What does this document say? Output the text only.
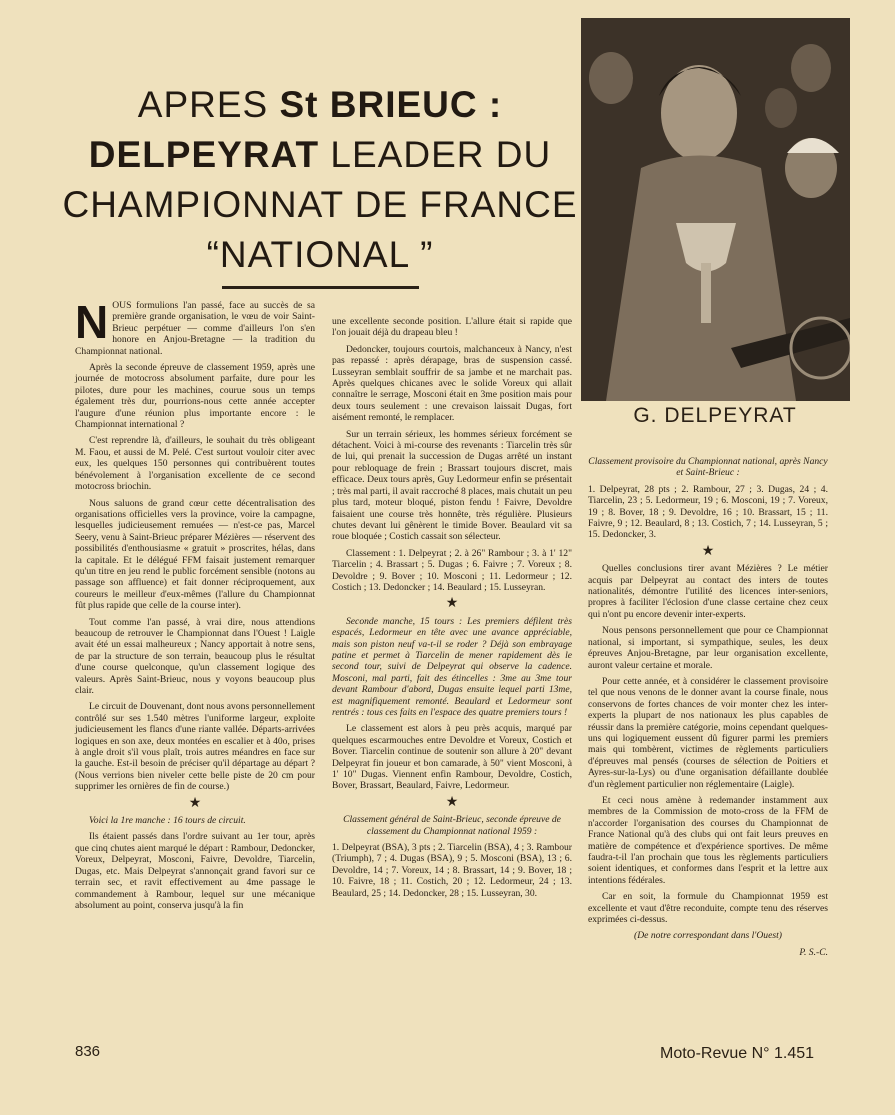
APRES St BRIEUC :
DELPEYRAT LEADER DU
CHAMPIONNAT DE FRANCE
“NATIONAL ”
G. DELPEYRAT

NOUS formulions l'an passé, face au succès de sa première grande organisation, le vœu de voir Saint-Brieuc perpétuer — comme d'ailleurs l'on s'en honore en Anjou-Bretagne — la tradition du Championnat national.

Après la seconde épreuve de classement 1959, après une journée de motocross absolument parfaite, dure pour les pilotes, dure pour les machines, courue sous un temps également très dur, pourrions-nous cette année accepter l'augure d'une réunion plus importante encore : le Championnat international ?

C'est reprendre là, d'ailleurs, le souhait du très obligeant M. Faou, et aussi de M. Pelé. C'est surtout vouloir citer avec eux, les quelques 150 personnes qui contribuèrent toutes bénévolement à l'organisation excellente de ce second motocross briochin.

Nous saluons de grand cœur cette décentralisation des organisations officielles vers la province, voire la campagne, lesquelles judicieusement remuées — n'est-ce pas, Marcel Seery, venu à Saint-Brieuc préparer Mézières — réservent des possibilités d'enthousiasme « gratuit » proscrites, hélas, dans la capitale. Et le délégué FFM faisait justement remarquer qu'un titre en jeu rend le public forcément sensible (notons au passage son affluence) et fait donner réciproquement, aux coureurs le meilleur d'eux-mêmes (l'allure du Championnat fût plus rapide que celle de la course inter).

Tout comme l'an passé, à vrai dire, nous attendions beaucoup de retrouver le Championnat dans l'Ouest ! Laigle avait été un essai malheureux ; Nancy apportait à notre sens, de par la structure de son terrain, beaucoup plus le résultat d'une course quelconque, qu'un classement logique des valeurs. Après Saint-Brieuc, nous y voyons beaucoup plus clair.

Le circuit de Douvenant, dont nous avons personnellement contrôlé sur ses 1.540 mètres l'uniforme largeur, exploite judicieusement les flancs d'une riante vallée. Départs-arrivées logiques en son axe, deux montées en escalier et à 40o, prises à angle droit s'il vous plaît, trois autres méandres en face sur la gauche. Est-il besoin de préciser qu'il départage au départ ? (Nous verrions bien niveler cette belle piste de 20 cm pour supprimer les ornières de fin de course.)

★

Voici la 1re manche : 16 tours de circuit.

Ils étaient passés dans l'ordre suivant au 1er tour, après que cinq chutes aient marqué le départ : Rambour, Dedoncker, Voreux, Delpeyrat, Mosconi, Faivre, Devoldre, Tiarcelin, Dugas, etc. Mais Delpeyrat s'annonçait grand favori sur ce terrain sec, et ravit effectivement au 4me passage le commandement à Rambour, lequel sur une mécanique absolument au point, conserva jusqu'à la fin

une excellente seconde position. L'allure était si rapide que l'on jouait déjà du drapeau bleu !

Dedoncker, toujours courtois, malchanceux à Nancy, n'est pas repassé : après dérapage, bras de suspension cassé. Lusseyran semblait souffrir de sa jambe et ne marchait pas. Après quelques chicanes avec le solide Voreux qui allait connaître le serrage, Mosconi était en 3me position mais pour deux tours seulement : une crevaison laissait Dugas, fort aisément remonté, le remplacer.

Sur un terrain sérieux, les hommes sérieux forcément se détachent. Voici à mi-course des revenants : Tiarcelin très sûr de lui, qui prenait la succession de Dugas arrêté un instant pour rebloquage de frein ; Brassart toujours discret, mais efficace. Deux tours après, Guy Ledormeur enfin se présentait ; très mal parti, il avait raccroché 8 places, mais chutait un peu plus tard, moteur bloqué, piston fendu ! Faivre, Devoldre faisaient une course très honnête, très régulière. Plusieurs chutes devant lui gênèrent le timide Bover. Beaulard vit sa roue bloquée ; Costich cassait son sélecteur.

Classement : 1. Delpeyrat ; 2. à 26" Rambour ; 3. à 1' 12" Tiarcelin ; 4. Brassart ; 5. Dugas ; 6. Faivre ; 7. Voreux ; 8. Devoldre ; 9. Bover ; 10. Mosconi ; 11. Ledormeur ; 12. Costich ; 13. Dedoncker ; 14. Beaulard ; 15. Lusseyran.

★

Seconde manche, 15 tours : Les premiers défilent très espacés, Ledormeur en tête avec une avance appréciable, mais son piston neuf va-t-il se roder ? Déjà son embrayage patine et permet à Tiarcelin de mener rapidement dès le second tour, suivi de Delpeyrat qui observe la cadence. Mosconi, mal parti, fait des étincelles : 3me au 3me tour devant Rambour d'abord, Dugas ensuite lequel parti 13me, est magnifiquement remonté. Beaulard et Ledormeur sont rentrés : tous ces faits en l'espace des quatre premiers tours !

Le classement est alors à peu près acquis, marqué par quelques escarmouches entre Devoldre et Voreux, Costich et Bover. Tiarcelin continue de soutenir son allure à 20" devant Delpeyrat fin joueur et bon camarade, à 50" vient Mosconi, à 1' 10" Dugas. Viennent enfin Rambour, Devoldre, Costich, Bover, Brassart, Beaulard, Faivre, Ledormeur.

★

Classement général de Saint-Brieuc, seconde épreuve de classement du Championnat national 1959 :

1. Delpeyrat (BSA), 3 pts ; 2. Tiarcelin (BSA), 4 ; 3. Rambour (Triumph), 7 ; 4. Dugas (BSA), 9 ; 5. Mosconi (BSA), 13 ; 6. Devoldre, 14 ; 7. Voreux, 14 ; 8. Brassart, 14 ; 9. Bover, 18 ; 10. Faivre, 18 ; 11. Costich, 20 ; 12. Ledormeur, 24 ; 13. Beaulard, 25 ; 14. Dedoncker, 28 ; 15. Lusseyran, 30.

Classement provisoire du Championnat national, après Nancy et Saint-Brieuc :

1. Delpeyrat, 28 pts ; 2. Rambour, 27 ; 3. Dugas, 24 ; 4. Tiarcelin, 23 ; 5. Ledormeur, 19 ; 6. Mosconi, 19 ; 7. Voreux, 19 ; 8. Bover, 18 ; 9. Devoldre, 16 ; 10. Brassart, 15 ; 11. Faivre, 9 ; 12. Beaulard, 8 ; 13. Costich, 7 ; 14. Lusseyran, 5 ; 15. Dedoncker, 3.

★

Quelles conclusions tirer avant Mézières ? Le métier acquis par Delpeyrat au contact des inters de toutes nationalités, démontre l'utilité des licences inter-seniors, propres à faciliter l'éclosion d'une classe certaine chez ceux qui n'ont pu encore devenir inter-experts.

Nous pensons personnellement que pour ce Championnat national, si important, si sympathique, seules, les deux épreuves Anjou-Bretagne, par leur organisation excellente, auront valeur certaine et morale.

Pour cette année, et à considérer le classement provisoire tel que nous venons de le donner avant la course finale, nous conservons de fortes chances de voir monter chez les inter-experts la plupart de nos nationaux les plus capables de réussir dans la première catégorie, moins cependant quelques-uns qui logiquement eussent dû figurer parmi les premiers mais qui tombèrent, victimes de règlements particuliers d'épreuves mal pensés (courses de sélection de Poitiers et Ayres-sur-la-Lys) ou d'une organisation défaillante doublée d'un règlement particulier non réglementaire (Laigle).

Et ceci nous amène à redemander instamment aux membres de la Commission de moto-cross de la FFM de n'accorder l'organisation des courses du Championnat de France National qu'à des clubs qui ont fait leurs preuves en matière de compétence et d'expérience sportives. De même faudra-t-il l'an prochain que tous les règlements particuliers soient identiques, et conformes dans l'esprit et la lettre aux intentions fédérales.

Car en soit, la formule du Championnat 1959 est excellente et vaut d'être reconduite, compte tenu des réserves exprimées ci-dessus.

(De notre correspondant dans l'Ouest)

P. S.-C.

836	Moto-Revue N° 1.451
